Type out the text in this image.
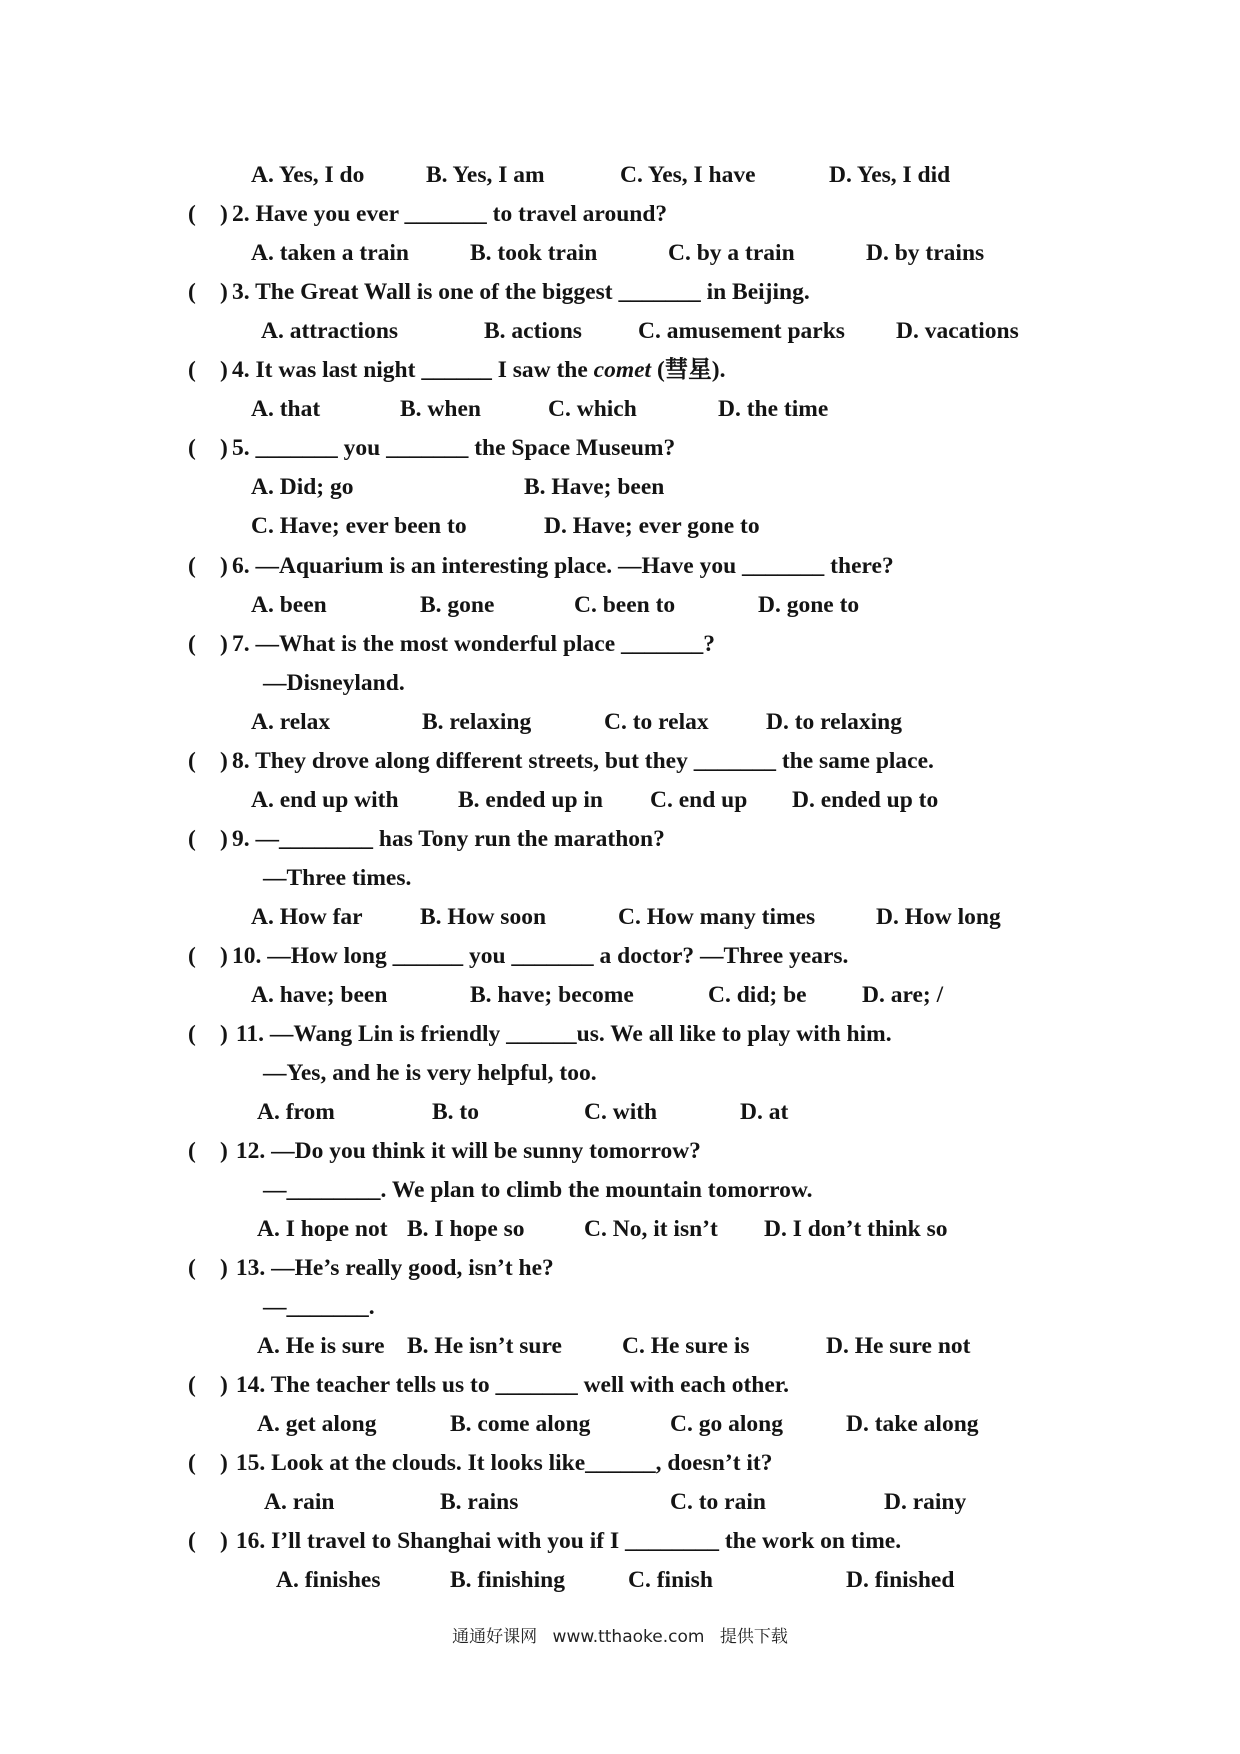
A. Yes, I do	B. Yes, I am	C. Yes, I have	D. Yes, I did
( ) 2. Have you ever _______ to travel around?
A. taken a train	B. took train	C. by a train	D. by trains
( ) 3. The Great Wall is one of the biggest _______ in Beijing.
A. attractions	B. actions C. amusement parks D. vacations
( ) 4. It was last night ______ I saw the comet (彗星).
A. that	B. when	C. which	D. the time
( ) 5. _______ you _______ the Space Museum?
A. Did; go	B. Have; been
C. Have; ever been to	D. Have; ever gone to
( ) 6. —Aquarium is an interesting place. —Have you _______ there?
A. been	B. gone	C. been to	D. gone to
( ) 7. —What is the most wonderful place _______?
—Disneyland.
A. relax	B. relaxing	C. to relax D. to relaxing
( ) 8. They drove along different streets, but they _______ the same place.
A. end up with	B. ended up in C. end up D. ended up to
( ) 9. —________ has Tony run the marathon?
—Three times.
A. How far B. How soon	C. How many times	D. How long
( ) 10. —How long ______ you _______ a doctor? —Three years.
A. have; been	B. have; become	C. did; be D. are; /
( ) 11. —Wang Lin is friendly ______us. We all like to play with him.
—Yes, and he is very helpful, too.
A. from	B. to	C. with	D. at
( ) 12. —Do you think it will be sunny tomorrow?
—________. We plan to climb the mountain tomorrow.
A. I hope not B. I hope so	C. No, it isn’t D. I don’t think so
( ) 13. —He’s really good, isn’t he?
—_______.
A. He is sure B. He isn’t sure	C. He sure is	D. He sure not
( ) 14. The teacher tells us to _______ well with each other.
A. get along	B. come along	C. go along	D. take along
( ) 15. Look at the clouds. It looks like______, doesn’t it?
A. rain	B. rains	C. to rain	D. rainy
( ) 16. I’ll travel to Shanghai with you if I ________ the work on time.
A. finishes	B. finishing	C. finish	D. finished
通通好课网 www.tthaoke.com 提供下载
